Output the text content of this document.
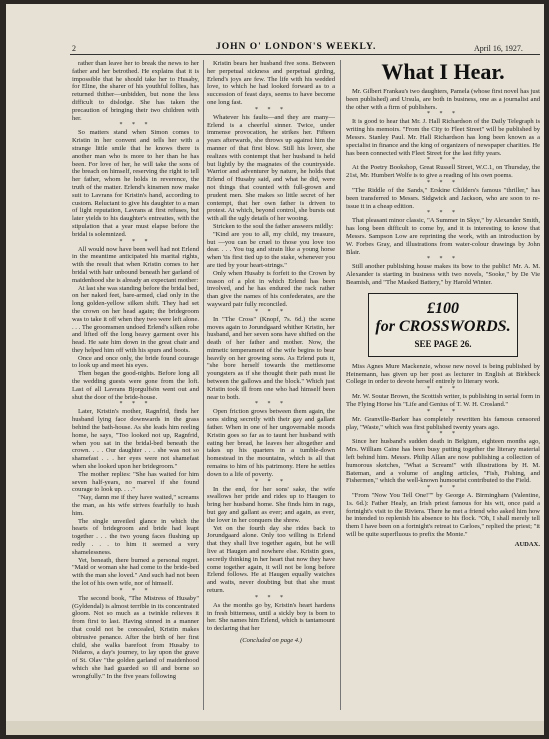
2	JOHN O' LONDON'S WEEKLY.	April 16, 1927.

rather than leave her to break the news to her father and her betrothed. He explains that it is impossible that he should take her to Husaby, for Eline, the sharer of his youthful follies, has returned thither—unbidden, but none the less difficult to dislodge. She has taken the precaution of bringing their two children with her.

* * *

So matters stand when Simon comes to Kristin in her convent and tells her with a strange little smile that he knows there is another man who is more to her than he has been. For love of her, he will take the sons of the breach on himself, reserving the right to tell her father, whom he holds in reverence, the truth of the matter. Erlend's kinsmen now make suit to Lavrans for Kristin's hand, according to custom. Reluctant to give his daughter to a man of light reputation, Lavrans at first refuses, but later yields to his daughter's entreaties, with the stipulation that a year must elapse before the bridal is solemnized.

* * *

All would now have been well had not Erlend in the meantime anticipated his marital rights, with the result that when Kristin comes to her bridal with hair unbound beneath her garland of maidenhood she is already an expectant mother:

At last she was standing before the bridal bed, on her naked feet, bare-armed, clad only in the long golden-yellow silken shift. They had set the crown on her head again; the bridegroom was to take it off when they two were left alone. . . . The groomsmen undoed Erlend's silken robe and lifted off the long heavy garment over his head. He sate him down in the great chair and they helped him off with his spurs and boots.

Once and once only, the bride found courage to look up and meet his eyes.

Then began the good-nights. Before long all the wedding guests were gone from the loft. Last of all Lavrans Bjorgulfsön went out and shut the door of the bride-house.

* * *

Later, Kristin's mother, Ragnfrid, finds her husband lying face downwards in the grass behind the bath-house. As she leads him reeling home, he says, "Too looked not up, Ragnfrid, when you sat in the bridal-bed beneath the crown. . . . Our daughter . . . she was not so shamefast . . . her eyes were not shamefast when she looked upon her bridegroom."

The mother replies: "She has waited for him seven half-years, no marvel if she found courage to look up. . . ."

"Nay, damn me if they have waited," screams the man, as his wife strives fearfully to hush him.

The single unveiled glance in which the hearts of bridegroom and bride had leapt together . . . the two young faces flushing up redly . . . to him it seemed a very shamelessness.

Yet, beneath, there burned a personal regret. "Maid or woman she had come to the bride-bed with the man she loved." And such had not been the lot of his own wife, nor of himself.

* * *

The second book, "The Mistress of Husaby" (Gyldendal) is almost terrible in its concentrated gloom. Not so much as a twinkle relieves it from first to last. Having sinned in a manner that could not be concealed, Kristin makes obtrusive penance. After the birth of her first child, she walks barefoot from Husaby to Nidaros, a day's journey, to lay upon the grave of St. Olav "the golden garland of maidenhood which she had guarded so ill and borne so wrongfully." In the five years following

Kristin bears her husband five sons. Between her perpetual sickness and perpetual girding, Erlend's joys are few. The life with his wedded love, to which he had looked forward as to a succession of feast days, seems to have become one long fast.

* * *

Whatever his faults—and they are many—Erlend is a cheerful sinner. Twice, under immense provocation, he strikes her. Fifteen years afterwards, she throws up against him the manner of that first blow. Still his lover, she realizes with contempt that her husband is held but lightly by the magnates of the countryside. Warrior and adventurer by nature, he holds that Erlend of Husaby said, and what he did, were not things that counted with full-grown and prudent men. She makes so little secret of her contempt, that her own father is driven to protest. At which, beyond control, she bursts out with all the ugly details of her wooing.

Stricken to the soul the father answers mildly:

"Kind are you to all, my child, my treasure, but —you can be cruel to those you love too dear. . . . You tug and strain like a young horse when 'tis first tied up to the stake, whenever you are tied by your heart-strings."

Only when Husaby is forfeit to the Crown by reason of a plot in which Erlend has been involved, and he has endured the rack rather than give the names of his confederates, are the wayward pair fully reconciled.

* * *

In "The Cross" (Knopf, 7s. 6d.) the scene moves again to Jorundgaard whither Kristin, her husband, and her seven sons have shifted on the death of her father and mother. Now, the mimetic temperament of the wife begins to bear heavily on her growing sons. As Erlend puts it, "she bore herself towards the mettlesome youngsters as if she thought their path must lie between the gallows and the block." Which just Kristin took ill from one who had himself been near to both.

* * *

Open friction grows between them again, the sons siding secretly with their gay and gallant father. When in one of her ungovernable moods Kristin goes so far as to taunt her husband with eating her bread, he leaves her altogether and takes up his quarters in a tumble-down homestead in the mountains, which is all that remains to him of his patrimony. Here he settles down to a life of poverty.

* * *

In the end, for her sons' sake, the wife swallows her pride and rides up to Haugen to bring her husband home. She finds him in rags, but gay and gallant as ever; and again, as ever, the lover in her conquers the shrew.

Yet on the fourth day she rides back to Jorundgaard alone. Only too willing is Erlend that they shall live together again, but he will live at Haugen and nowhere else. Kristin goes, secretly thinking in her heart that now they have come together again, it will not be long before Erlend follows. He at Haugen equally watches and waits, never doubting but that she must return.

* * *

As the months go by, Kristin's heart hardens in fresh bitterness, until a sickly boy is born to her. She names him Erlend, which is tantamount to declaring that her

(Concluded on page 4.)
What I Hear.

Mr. Gilbert Frankau's two daughters, Pamela (whose first novel has just been published) and Ursula, are both in business, one as a journalist and the other with a firm of publishers.

* * *

It is good to hear that Mr. J. Hall Richardson of the Daily Telegraph is writing his memoirs. "From the City to Fleet Street" will be published by Messrs. Stanley Paul. Mr. Hall Richardson has long been known as a specialist in finance and the king of organizers of newspaper charities. He has been connected with Fleet Street for the last fifty years.

* * *

At the Poetry Bookshop, Great Russell Street, W.C.1, on Thursday, the 21st, Mr. Humbert Wolfe is to give a reading of his own poems.

* * *

"The Riddle of the Sands," Erskine Childers's famous "thriller," has been transferred to Messrs. Sidgwick and Jackson, who are soon to re-issue it in a cheap edition.

* * *

That pleasant minor classic, "A Summer in Skye," by Alexander Smith, has long been difficult to come by, and it is interesting to know that Messrs. Sampson Low are reprinting the work, with an introduction by W. Forbes Gray, and illustrations from water-colour drawings by John Blair.

* * *

Still another publishing house makes its bow to the public! Mr. A. M. Alexander is starting in business with two novels, "Sooke," by De Vie Beamish, and "The Masked Battery," by Harold Winter.

£100
for CROSSWORDS.
SEE PAGE 26.

Miss Agnes Mure Mackenzie, whose new novel is being published by Heinemann, has given up her post as lecturer in English at Birkbeck College in order to devote herself entirely to literary work.

* * *

Mr. W. Soutar Brown, the Scottish writer, is publishing in serial form in The Flying Horse his "Life and Genius of T. W. H. Crosland."

* * *

Mr. Granville-Barker has completely rewritten his famous censored play, "Waste," which was first published twenty years ago.

* * *

Since her husband's sudden death in Belgium, eighteen months ago, Mrs. William Caine has been busy putting together the literary material left behind him. Messrs. Philip Allan are now publishing a collection of humorous sketches, "What a Scream!" with illustrations by H. M. Bateman, and a volume of angling articles, "Fish, Fishing, and Fishermen," which the well-known humourist contributed to the Field.

* * *

"From "Now You Tell One!"" by George A. Birmingham (Valentine, 1s. 6d.): Father Healy, an Irish priest famous for his wit, once paid a fortnight's visit to the Riviera. There he met a friend who asked him how he intended to replenish his absence to his flock. "Oh, I shall merely tell them I have been on a fortnight's retreat to Carloes," replied the priest; "it will be quite superfluous to prefix the Monte."

AUDAX.
